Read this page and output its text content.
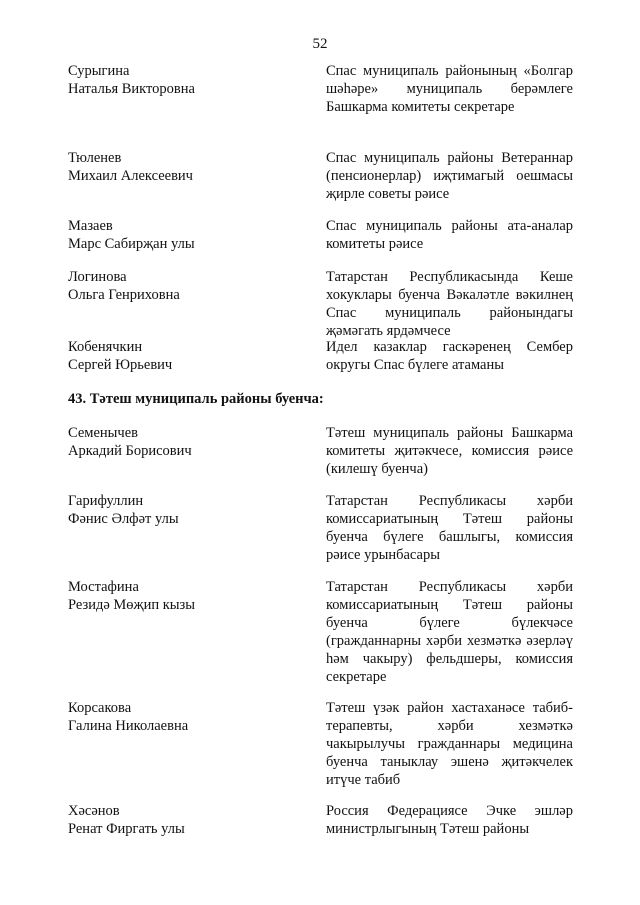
52
Сурыгина
Наталья Викторовна
Спас муниципаль районының «Болгар шәһәре» муниципаль берәмлеге Башкарма комитеты секретаре
Тюленев
Михаил Алексеевич
Спас муниципаль районы Ветераннар (пенсионерлар) иҗтимагый оешмасы җирле советы рәисе
Мазаев
Марс Сабирҗан улы
Спас муниципаль районы ата-аналар комитеты рәисе
Логинова
Ольга Генриховна
Татарстан Республикасында Кеше хокуклары буенча Вәкаләтле вәкилнең Спас муниципаль районындагы җәмәгать ярдәмчесе
Кобенячкин
Сергей Юрьевич
Идел казаклар гаскәренең Сембер округы Спас бүлеге атаманы
43. Тәтеш муниципаль районы буенча:
Семенычев
Аркадий Борисович
Тәтеш муниципаль районы Башкарма комитеты җитәкчесе, комиссия рәисе (килешү буенча)
Гарифуллин
Фәнис Әлфәт улы
Татарстан Республикасы хәрби комиссариатының Тәтеш районы буенча бүлеге башлыгы, комиссия рәисе урынбасары
Мостафина
Резидә Мөҗип кызы
Татарстан Республикасы хәрби комиссариатының Тәтеш районы буенча бүлеге бүлекчәсе (гражданнарны хәрби хезмәткә әзерләү һәм чакыру) фельдшеры, комиссия секретаре
Корсакова
Галина Николаевна
Тәтеш үзәк район хастаханәсе табиб-терапевты, хәрби хезмәткә чакырылучы гражданнары медицина буенча таныклау эшенә җитәкчелек итүче табиб
Хәсәнов
Ренат Фиргать улы
Россия Федерациясе Эчке эшләр министрлыгының Тәтеш районы
